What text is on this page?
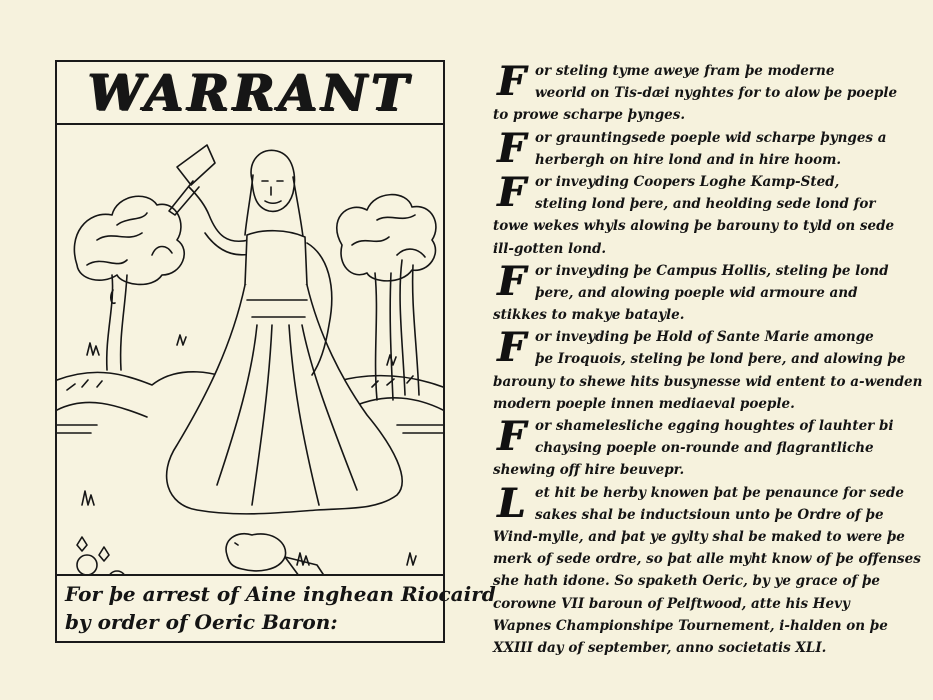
WARRANT
For þe arrest of Aine inghean Riocaird
by order of Oeric Baron:
F or steling tyme aweye fram þe moderne
weorld on Tis-dæi nyghtes for to alow þe poeple
to prowe scharpe þynges.
F or grauntingsede poeple wid scharpe þynges a
herbergh on hire lond and in hire hoom.
F or inveyding Coopers Loghe Kamp-Sted,
steling lond þere, and heolding sede lond for
towe wekes whyls alowing þe barouny to tyld on sede
ill-gotten lond.
F or inveyding þe Campus Hollis, steling þe lond
þere, and alowing poeple wid armoure and
stikkes to makye batayle.
F or inveyding þe Hold of Sante Marie amonge
þe Iroquois, steling þe lond þere, and alowing þe
barouny to shewe hits busynesse wid entent to a-wenden
modern poeple innen mediaeval poeple.
F or shamelesliche egging houghtes of lauhter bi
chaysing poeple on-rounde and flagrantliche
shewing off hire beuvepr.
L et hit be herby knowen þat þe penaunce for sede
sakes shal be inductsioun unto þe Ordre of þe
Wind-mylle, and þat ye gylty shal be maked to were þe
merk of sede ordre, so þat alle myht know of þe offenses
she hath idone. So spaketh Oeric, by ye grace of þe
corowne VII baroun of Pelftwood, atte his Hevy
Wapnes Championshipe Tournement, i-halden on þe
XXIII day of september, anno societatis XLI.
